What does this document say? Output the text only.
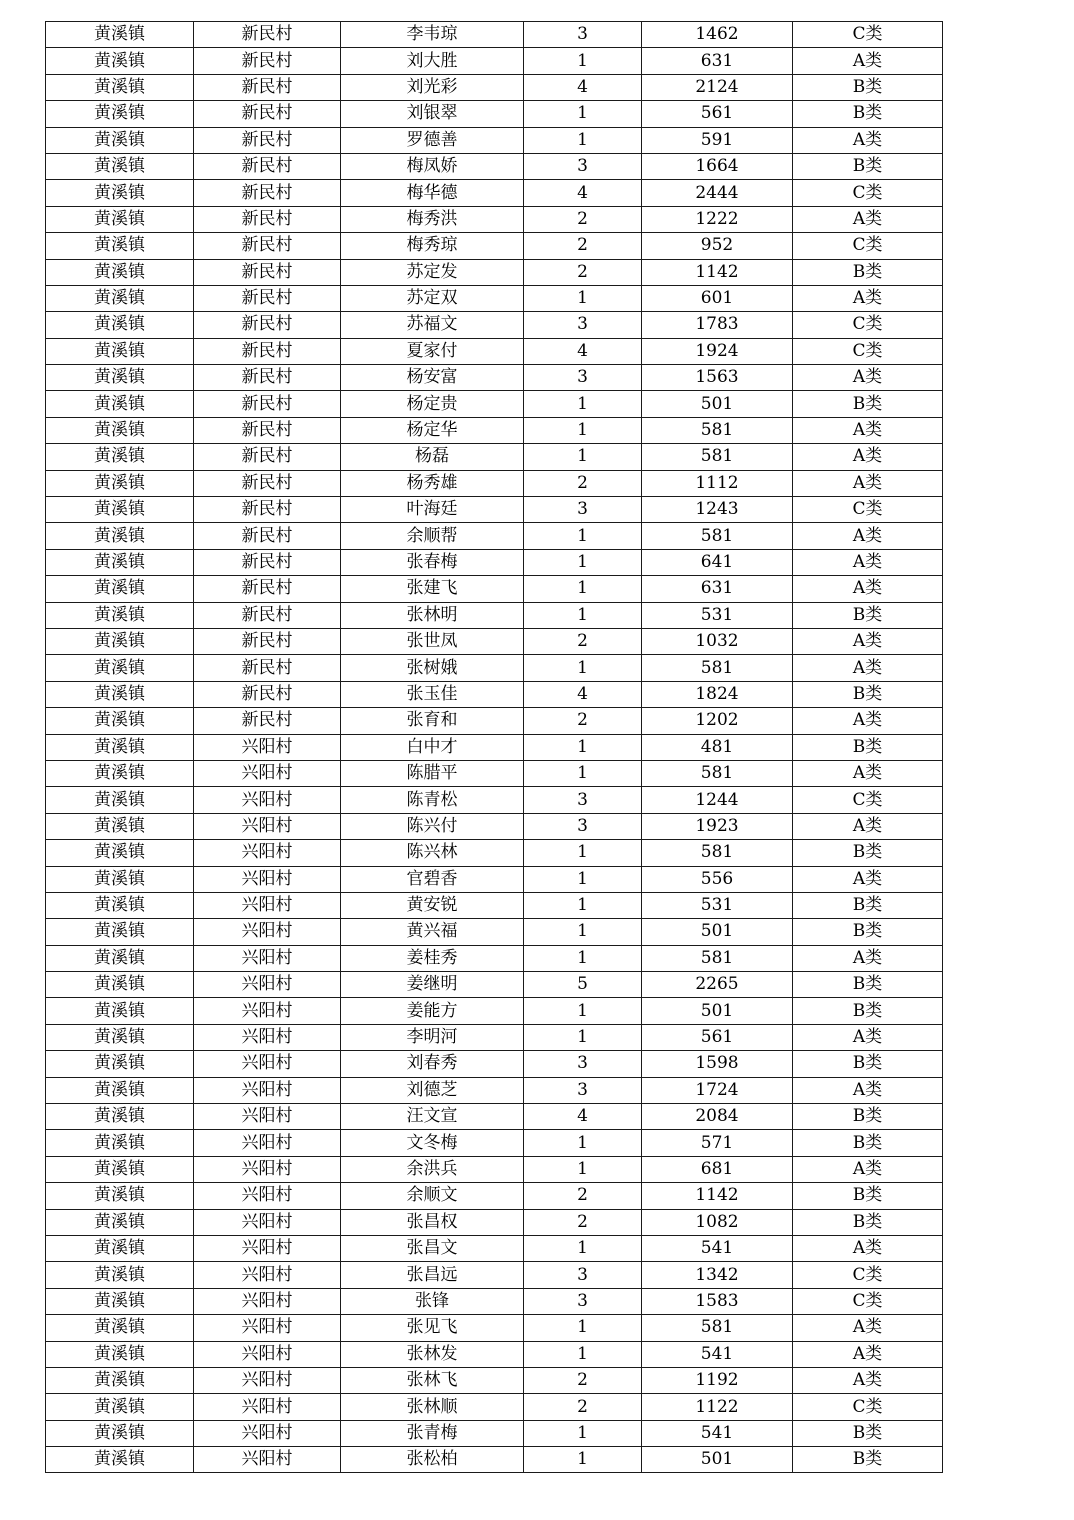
黄溪镇	新民村	李韦琼	3	1462	C类
黄溪镇	新民村	刘大胜	1	631	A类
黄溪镇	新民村	刘光彩	4	2124	B类
黄溪镇	新民村	刘银翠	1	561	B类
黄溪镇	新民村	罗德善	1	591	A类
黄溪镇	新民村	梅凤娇	3	1664	B类
黄溪镇	新民村	梅华德	4	2444	C类
黄溪镇	新民村	梅秀洪	2	1222	A类
黄溪镇	新民村	梅秀琼	2	952	C类
黄溪镇	新民村	苏定发	2	1142	B类
黄溪镇	新民村	苏定双	1	601	A类
黄溪镇	新民村	苏福文	3	1783	C类
黄溪镇	新民村	夏家付	4	1924	C类
黄溪镇	新民村	杨安富	3	1563	A类
黄溪镇	新民村	杨定贵	1	501	B类
黄溪镇	新民村	杨定华	1	581	A类
黄溪镇	新民村	杨磊	1	581	A类
黄溪镇	新民村	杨秀雄	2	1112	A类
黄溪镇	新民村	叶海廷	3	1243	C类
黄溪镇	新民村	余顺帮	1	581	A类
黄溪镇	新民村	张春梅	1	641	A类
黄溪镇	新民村	张建飞	1	631	A类
黄溪镇	新民村	张林明	1	531	B类
黄溪镇	新民村	张世凤	2	1032	A类
黄溪镇	新民村	张树娥	1	581	A类
黄溪镇	新民村	张玉佳	4	1824	B类
黄溪镇	新民村	张育和	2	1202	A类
黄溪镇	兴阳村	白中才	1	481	B类
黄溪镇	兴阳村	陈腊平	1	581	A类
黄溪镇	兴阳村	陈青松	3	1244	C类
黄溪镇	兴阳村	陈兴付	3	1923	A类
黄溪镇	兴阳村	陈兴林	1	581	B类
黄溪镇	兴阳村	官碧香	1	556	A类
黄溪镇	兴阳村	黄安锐	1	531	B类
黄溪镇	兴阳村	黄兴福	1	501	B类
黄溪镇	兴阳村	姜桂秀	1	581	A类
黄溪镇	兴阳村	姜继明	5	2265	B类
黄溪镇	兴阳村	姜能方	1	501	B类
黄溪镇	兴阳村	李明河	1	561	A类
黄溪镇	兴阳村	刘春秀	3	1598	B类
黄溪镇	兴阳村	刘德芝	3	1724	A类
黄溪镇	兴阳村	汪文宣	4	2084	B类
黄溪镇	兴阳村	文冬梅	1	571	B类
黄溪镇	兴阳村	余洪兵	1	681	A类
黄溪镇	兴阳村	余顺文	2	1142	B类
黄溪镇	兴阳村	张昌权	2	1082	B类
黄溪镇	兴阳村	张昌文	1	541	A类
黄溪镇	兴阳村	张昌远	3	1342	C类
黄溪镇	兴阳村	张锋	3	1583	C类
黄溪镇	兴阳村	张见飞	1	581	A类
黄溪镇	兴阳村	张林发	1	541	A类
黄溪镇	兴阳村	张林飞	2	1192	A类
黄溪镇	兴阳村	张林顺	2	1122	C类
黄溪镇	兴阳村	张青梅	1	541	B类
黄溪镇	兴阳村	张松柏	1	501	B类
